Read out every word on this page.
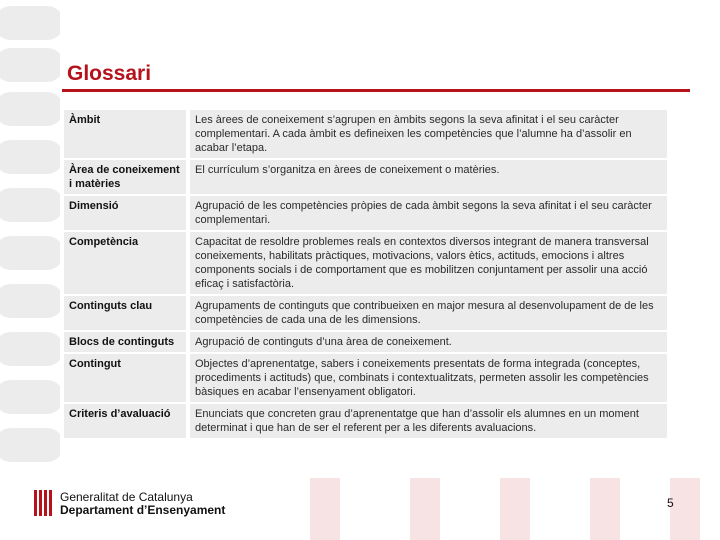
Glossari
Àmbit	Les àrees de coneixement s’agrupen en àmbits segons la seva afinitat i el seu caràcter complementari. A cada àmbit es defineixen les competències que l’alumne ha d’assolir en acabar l’etapa.
Àrea de coneixement i matèries	El currículum s’organitza en àrees de coneixement o matèries.
Dimensió	Agrupació de les competències pròpies de cada àmbit segons la seva afinitat i el seu caràcter complementari.
Competència	Capacitat de resoldre problemes reals en contextos diversos integrant de manera transversal coneixements, habilitats pràctiques, motivacions, valors ètics, actituds, emocions i altres components socials i de comportament que es mobilitzen conjuntament per assolir una acció eficaç i satisfactòria.
Continguts clau	Agrupaments de continguts que contribueixen en major mesura al desenvolupament de de les competències de cada una de les dimensions.
Blocs de continguts	Agrupació de continguts d’una àrea de coneixement.
Contingut	Objectes d’aprenentatge, sabers i coneixements presentats de forma integrada (conceptes, procediments i actituds) que, combinats i contextualitzats, permeten assolir les competències bàsiques en acabar l’ensenyament obligatori.
Criteris d’avaluació	Enunciats que concreten grau d’aprenentatge que han d’assolir els alumnes en un moment determinat i que han de ser el referent per a les diferents avaluacions.
Generalitat de Catalunya
Departament d’Ensenyament	5
